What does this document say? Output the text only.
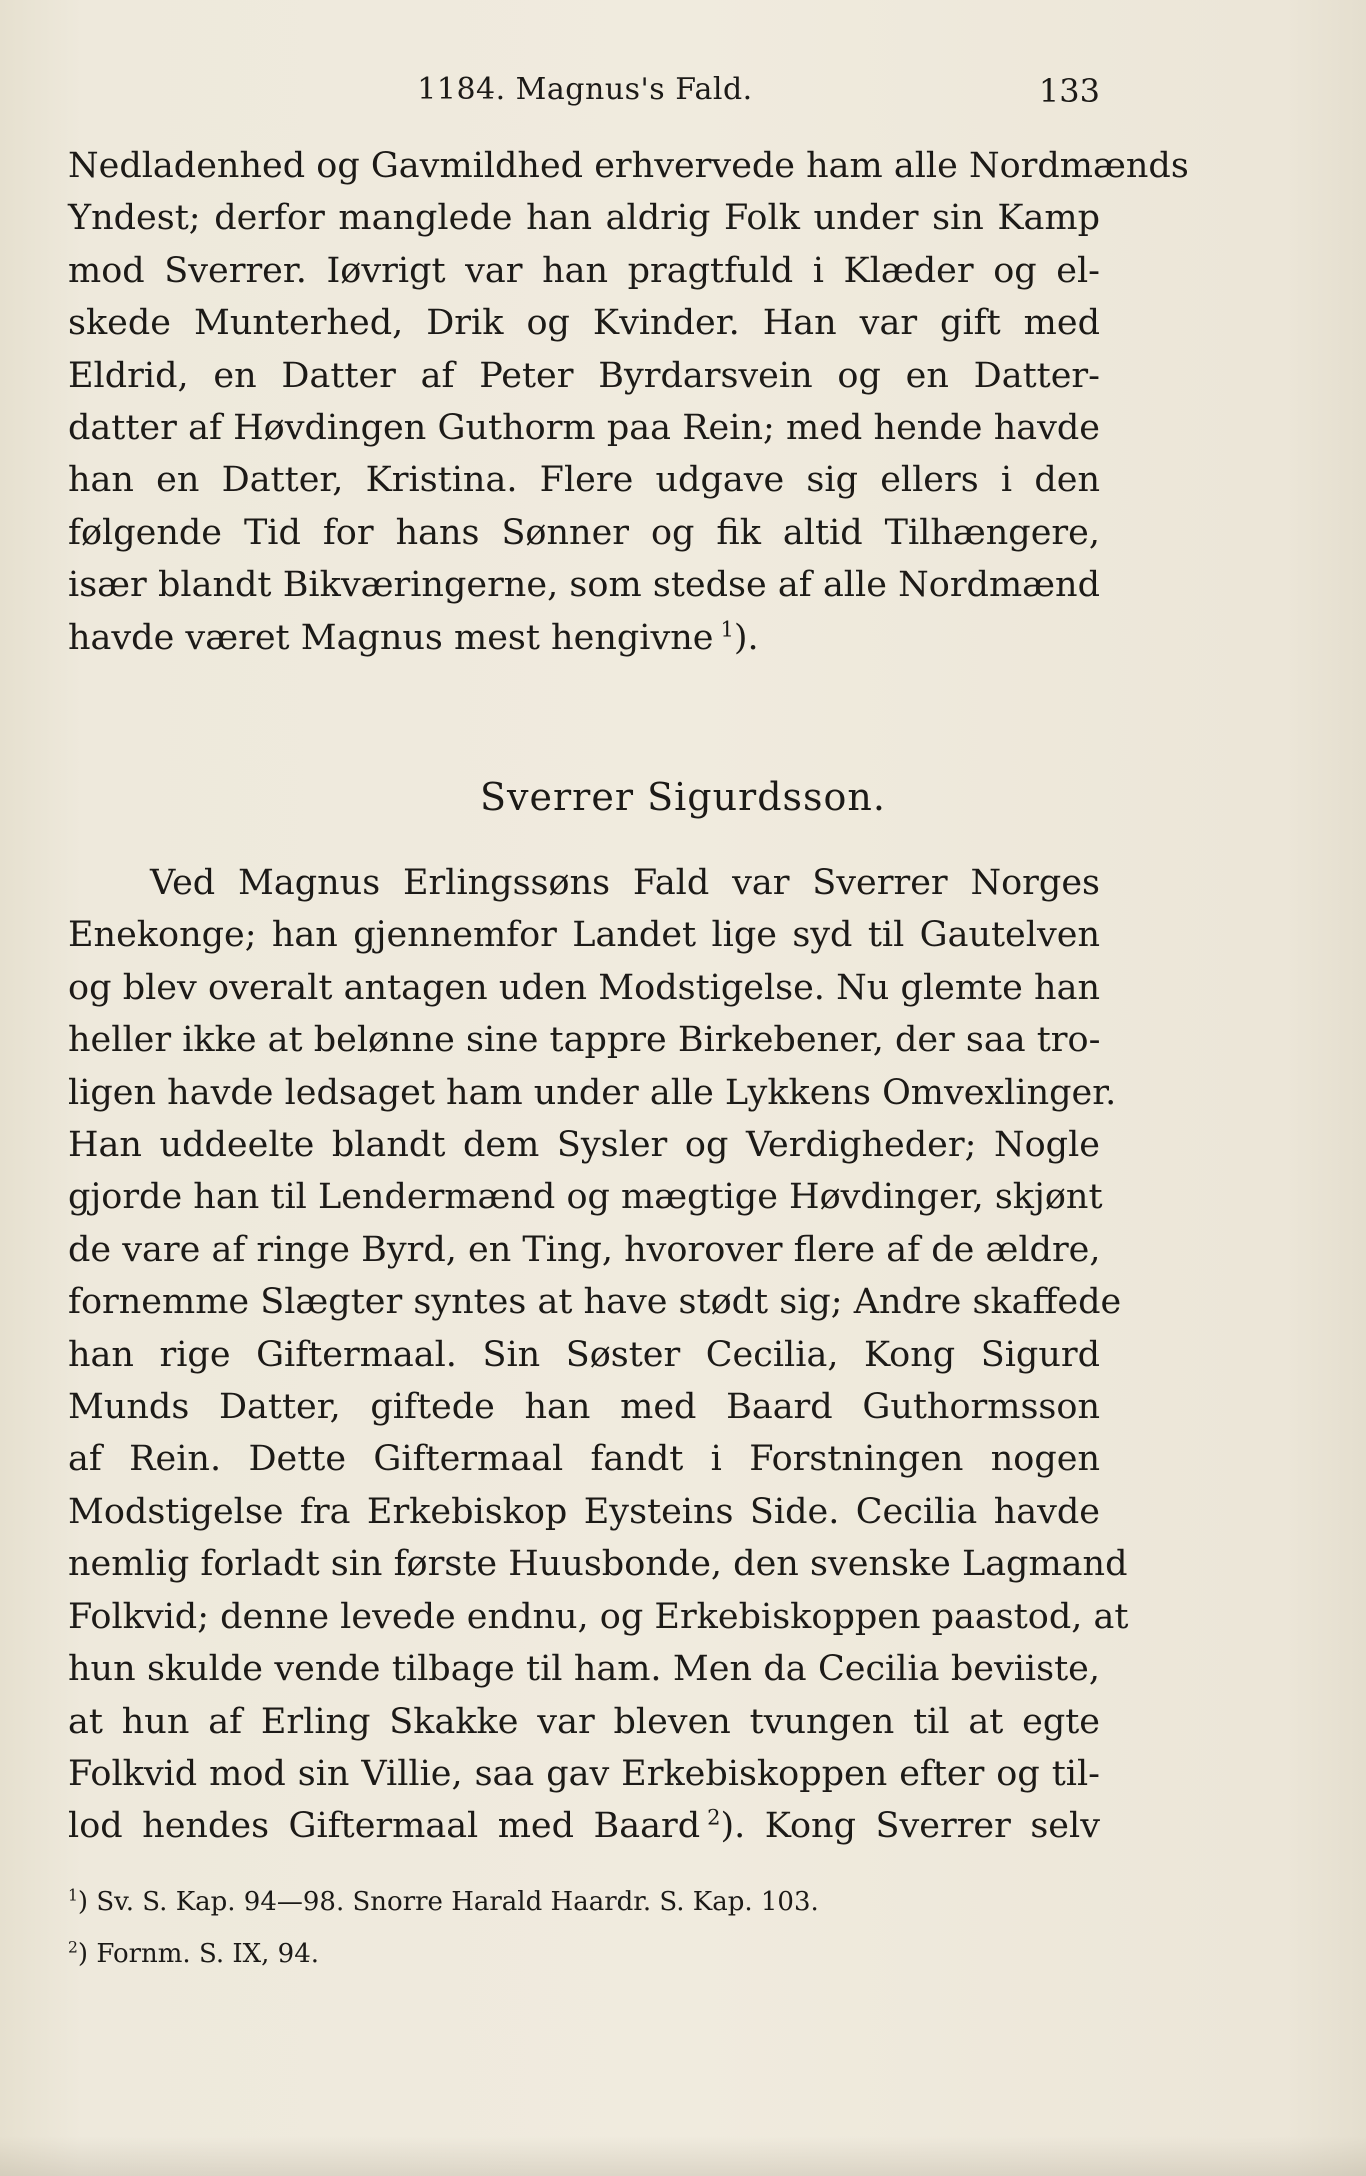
1184. Magnus's Fald.	133
Nedladenhed og Gavmildhed erhvervede ham alle Nordmænds
Yndest; derfor manglede han aldrig Folk under sin Kamp
mod Sverrer. Iøvrigt var han pragtfuld i Klæder og el-
skede Munterhed, Drik og Kvinder. Han var gift med
Eldrid, en Datter af Peter Byrdarsvein og en Datter-
datter af Høvdingen Guthorm paa Rein; med hende havde
han en Datter, Kristina. Flere udgave sig ellers i den
følgende Tid for hans Sønner og fik altid Tilhængere,
især blandt Bikværingerne, som stedse af alle Nordmænd
havde været Magnus mest hengivne  $^1$).
Sverrer Sigurdsson.
Ved Magnus Erlingssøns Fald var Sverrer Norges
Enekonge; han gjennemfor Landet lige syd til Gautelven
og blev overalt antagen uden Modstigelse. Nu glemte han
heller ikke at belønne sine tappre Birkebener, der saa tro-
ligen havde ledsaget ham under alle Lykkens Omvexlinger.
Han uddeelte blandt dem Sysler og Verdigheder; Nogle
gjorde han til Lendermænd og mægtige Høvdinger, skjønt
de vare af ringe Byrd, en Ting, hvorover flere af de ældre,
fornemme Slægter syntes at have stødt sig; Andre skaffede
han rige Giftermaal. Sin Søster Cecilia, Kong Sigurd
Munds Datter, giftede han med Baard Guthormsson
af Rein. Dette Giftermaal fandt i Forstningen nogen
Modstigelse fra Erkebiskop Eysteins Side. Cecilia havde
nemlig forladt sin første Huusbonde, den svenske Lagmand
Folkvid; denne levede endnu, og Erkebiskoppen paastod, at
hun skulde vende tilbage til ham. Men da Cecilia beviiste,
at hun af Erling Skakke var bleven tvungen til at egte
Folkvid mod sin Villie, saa gav Erkebiskoppen efter og til-
lod hendes Giftermaal med Baard  $^2$). Kong Sverrer selv
$^1$) Sv. S. Kap. 94—98. Snorre Harald Haardr. S. Kap. 103.
$^2$) Fornm. S. IX, 94.
